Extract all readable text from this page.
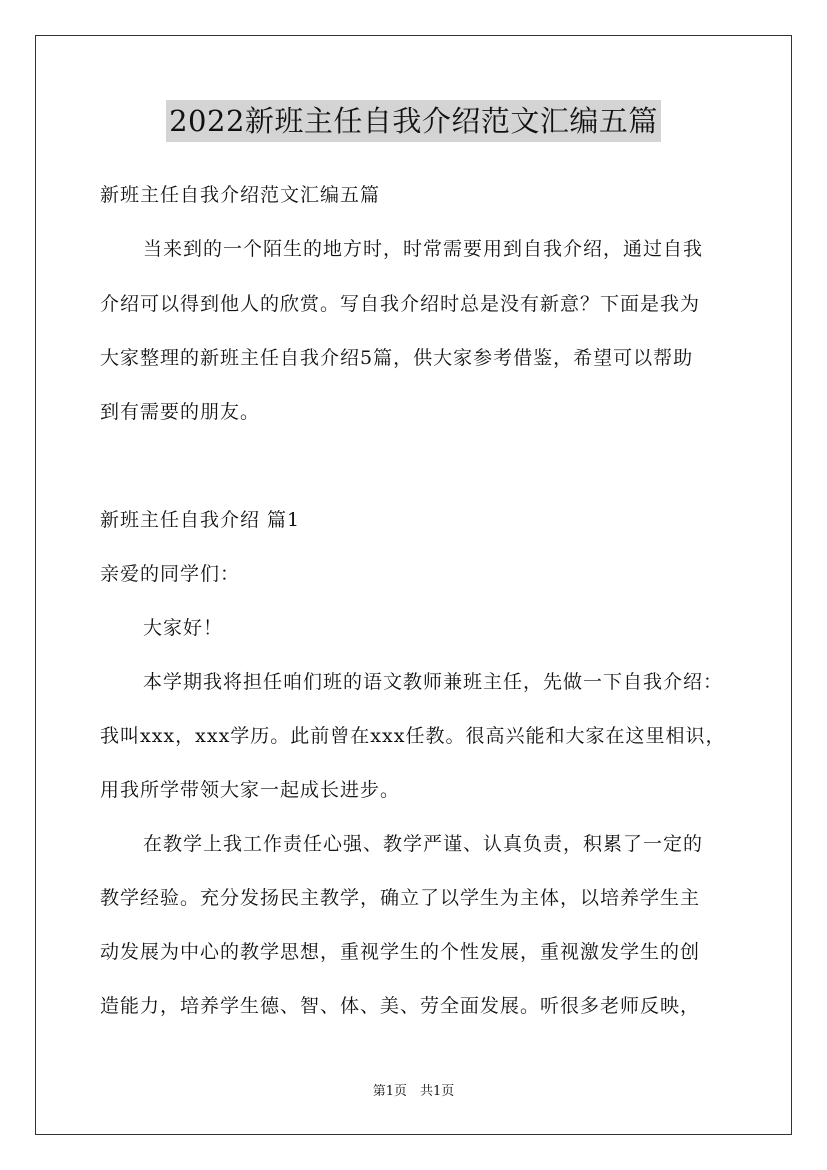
2022新班主任自我介绍范文汇编五篇
新班主任自我介绍范文汇编五篇
当来到的一个陌生的地方时，时常需要用到自我介绍，通过自我
介绍可以得到他人的欣赏。写自我介绍时总是没有新意？下面是我为
大家整理的新班主任自我介绍5篇，供大家参考借鉴，希望可以帮助
到有需要的朋友。
新班主任自我介绍 篇1
亲爱的同学们：
大家好！
本学期我将担任咱们班的语文教师兼班主任，先做一下自我介绍：
我叫xxx，xxx学历。此前曾在xxx任教。很高兴能和大家在这里相识，
用我所学带领大家一起成长进步。
在教学上我工作责任心强、教学严谨、认真负责，积累了一定的
教学经验。充分发扬民主教学，确立了以学生为主体，以培养学生主
动发展为中心的教学思想，重视学生的个性发展，重视激发学生的创
造能力，培养学生德、智、体、美、劳全面发展。听很多老师反映，
第1页　共1页
